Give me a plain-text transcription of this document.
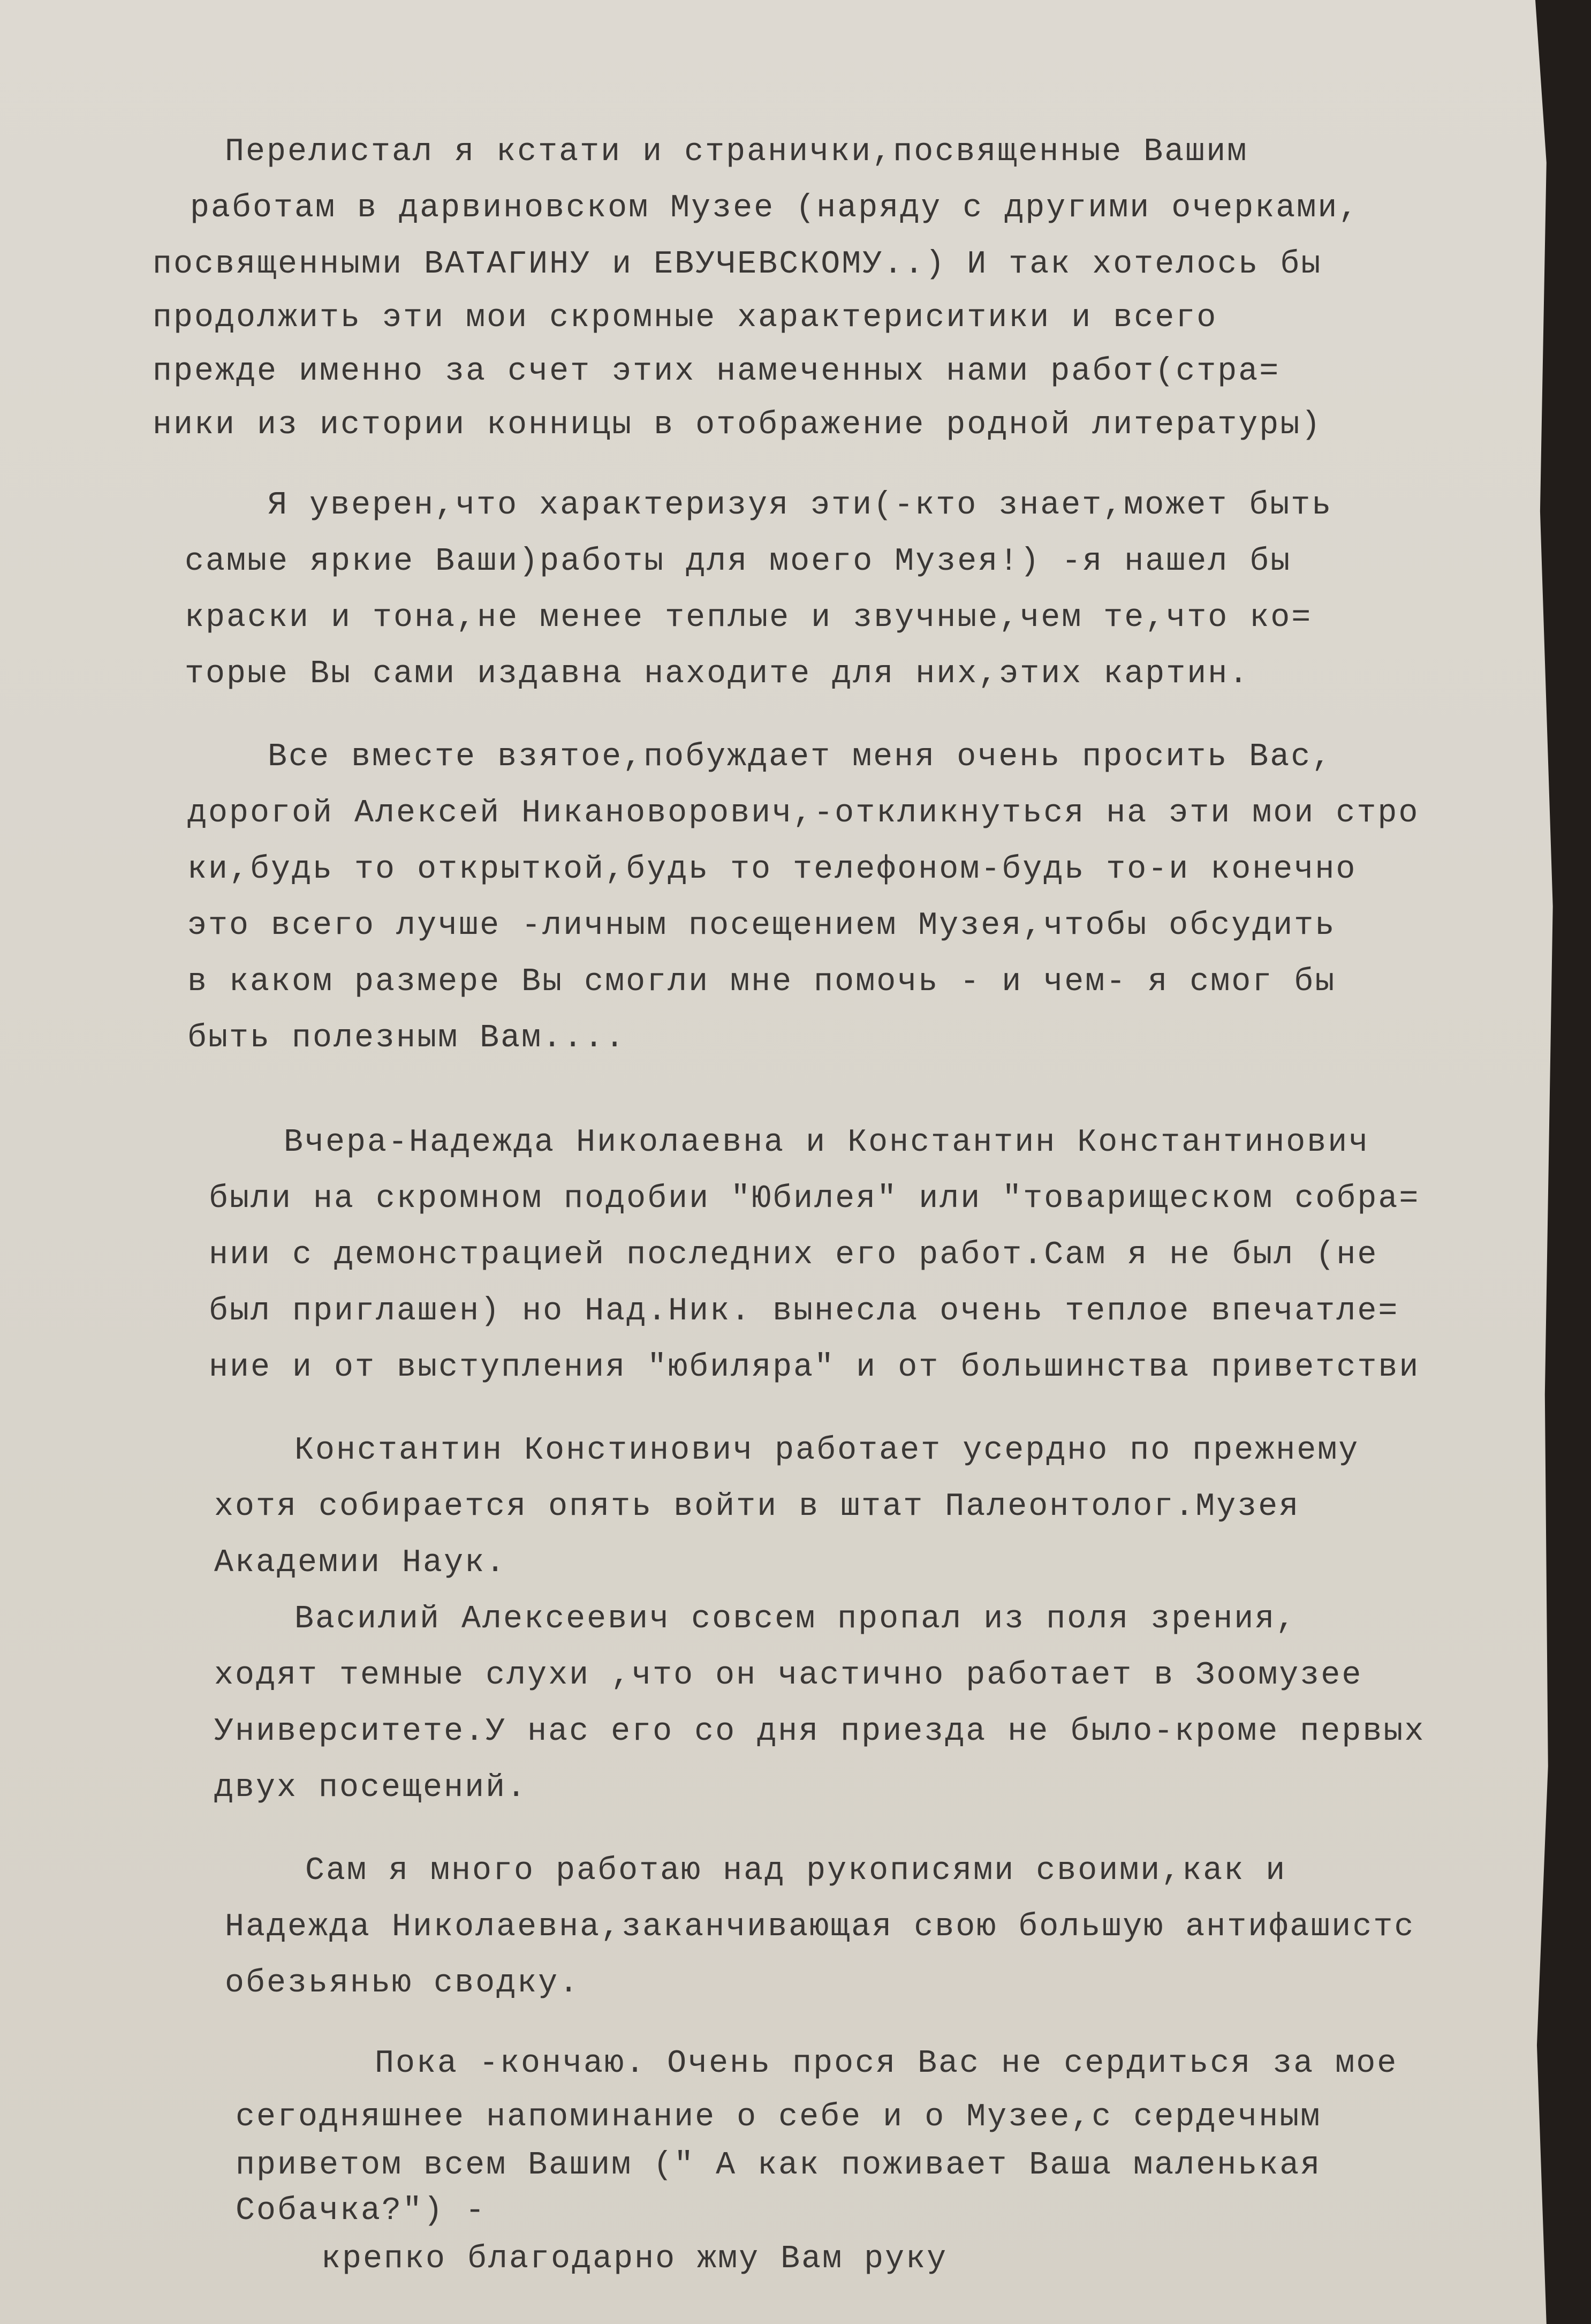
Перелистал я кстати и странички,посвященные Вашим
работам в дарвиновском Музее (наряду с другими очерками,
посвященными ВАТАГИНУ и ЕВУЧЕВСКОМУ..) И так хотелось бы
продолжить эти мои скромные характериситики и всего
прежде именно за счет этих намеченных нами работ(стра=
ники из истории конницы в отображение родной литературы)
Я уверен,что характеризуя эти(-кто знает,может быть
самые яркие Ваши)работы для моего Музея!) -я нашел бы
краски и тона,не менее теплые и звучные,чем те,что ко=
торые Вы сами издавна находите для них,этих картин.
Все вместе взятое,побуждает меня очень просить Вас,
дорогой Алексей Никановорович,-откликнуться на эти мои стро
ки,будь то открыткой,будь то телефоном-будь то-и конечно
это всего лучше -личным посещением Музея,чтобы обсудить
в каком размере Вы смогли мне помочь - и чем- я смог бы
быть полезным Вам....
Вчера-Надежда Николаевна и Константин Константинович
были на скромном подобии "Юбилея" или "товарищеском собра=
нии с демонстрацией последних его работ.Сам я не был (не
был приглашен) но Над.Ник. вынесла очень теплое впечатле=
ние и от выступления "юбиляра" и от большинства приветстви
Константин Констинович работает усердно по прежнему
хотя собирается опять войти в штат Палеонтолог.Музея
Академии Наук.
Василий Алексеевич совсем пропал из поля зрения,
ходят темные слухи ,что он частично работает в Зоомузее
Университете.У нас его со дня приезда не было-кроме первых
двух посещений.
Сам я много работаю над рукописями своими,как и
Надежда Николаевна,заканчивающая свою большую антифашистс
обезьянью сводку.
Пока -кончаю. Очень прося Вас не сердиться за мое
сегодняшнее напоминание о себе и о Музее,с сердечным
приветом всем Вашим (" А как поживает Ваша маленькая
Собачка?") -
крепко благодарно жму Вам руку
